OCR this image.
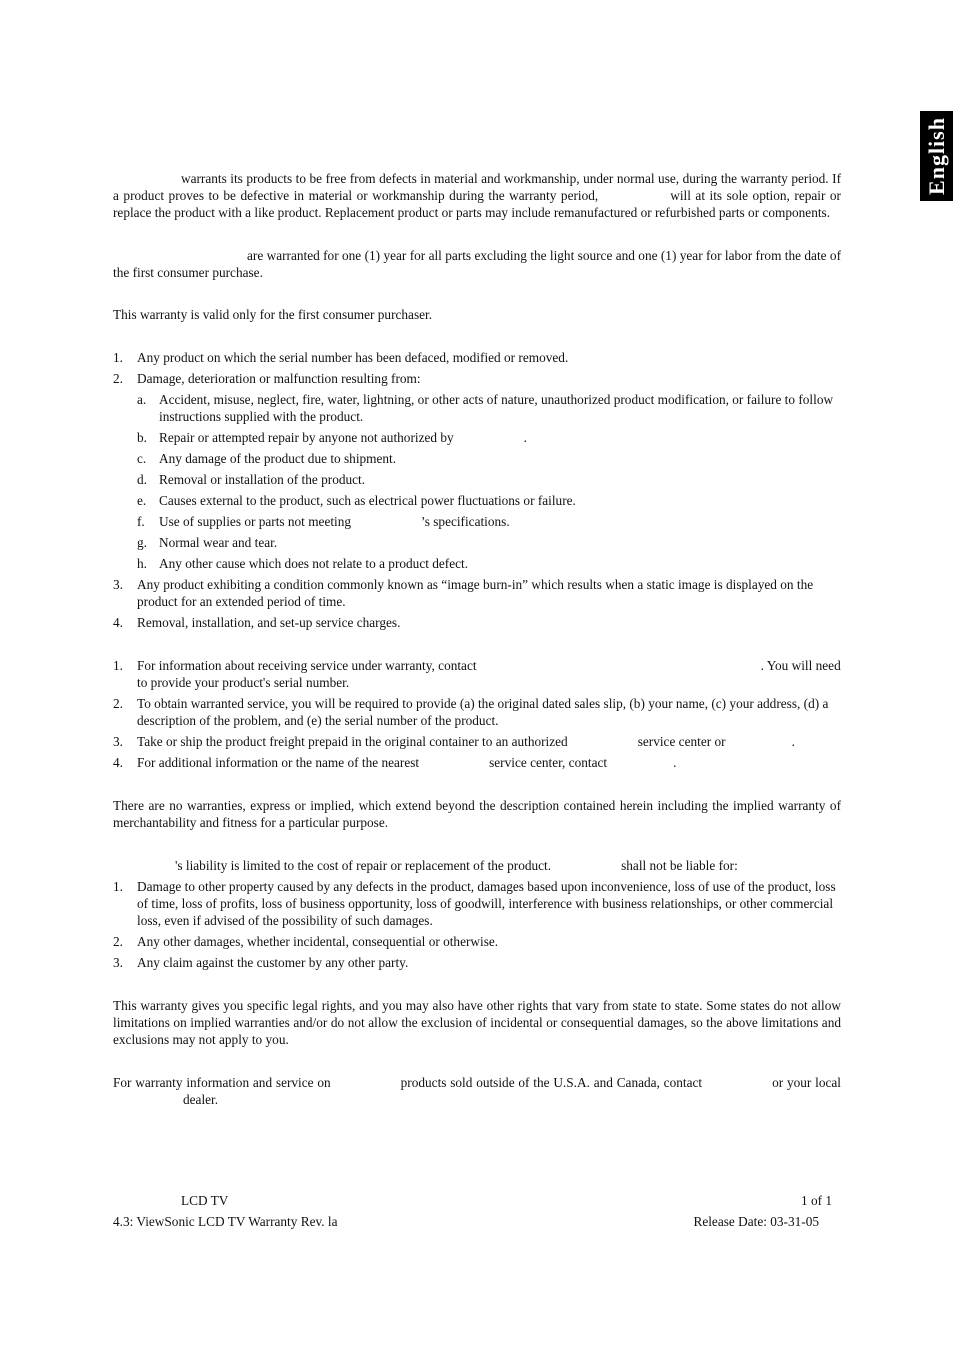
English

warrants its products to be free from defects in material and workmanship, under normal use, during the warranty period. If a product proves to be defective in material or workmanship during the warranty period,	will at its sole option, repair or replace the product with a like product. Replacement product or parts may include remanufactured or refurbished parts or components.

are warranted for one (1) year for all parts excluding the light source and one (1) year for labor from the date of the first consumer purchase.

This warranty is valid only for the first consumer purchaser.

1. Any product on which the serial number has been defaced, modified or removed.
2. Damage, deterioration or malfunction resulting from:
a. Accident, misuse, neglect, fire, water, lightning, or other acts of nature, unauthorized product modification, or failure to follow instructions supplied with the product.
b. Repair or attempted repair by anyone not authorized by	.
c. Any damage of the product due to shipment.
d. Removal or installation of the product.
e. Causes external to the product, such as electrical power fluctuations or failure.
f. Use of supplies or parts not meeting	’s specifications.
g. Normal wear and tear.
h. Any other cause which does not relate to a product defect.
3. Any product exhibiting a condition commonly known as “image burn-in” which results when a static image is displayed on the product for an extended period of time.
4. Removal, installation, and set-up service charges.
1. For information about receiving service under warranty, contact	. You will need to provide your product's serial number.
2. To obtain warranted service, you will be required to provide (a) the original dated sales slip, (b) your name, (c) your address, (d) a description of the problem, and (e) the serial number of the product.
3. Take or ship the product freight prepaid in the original container to an authorized	service center or	.
4. For additional information or the name of the nearest	service center, contact	.

There are no warranties, express or implied, which extend beyond the description contained herein including the implied warranty of merchantability and fitness for a particular purpose.

's liability is limited to the cost of repair or replacement of the product.	shall not be liable for:

1. Damage to other property caused by any defects in the product, damages based upon inconvenience, loss of use of the product, loss of time, loss of profits, loss of business opportunity, loss of goodwill, interference with business relationships, or other commercial loss, even if advised of the possibility of such damages.
2. Any other damages, whether incidental, consequential or otherwise.
3. Any claim against the customer by any other party.

This warranty gives you specific legal rights, and you may also have other rights that vary from state to state. Some states do not allow limitations on implied warranties and/or do not allow the exclusion of incidental or consequential damages, so the above limitations and exclusions may not apply to you.

For warranty information and service on	products sold outside of the U.S.A. and Canada, contact	or your localdealer.

LCD TV	1 of 1
4.3: ViewSonic LCD TV Warranty Rev. la	Release Date: 03-31-05
